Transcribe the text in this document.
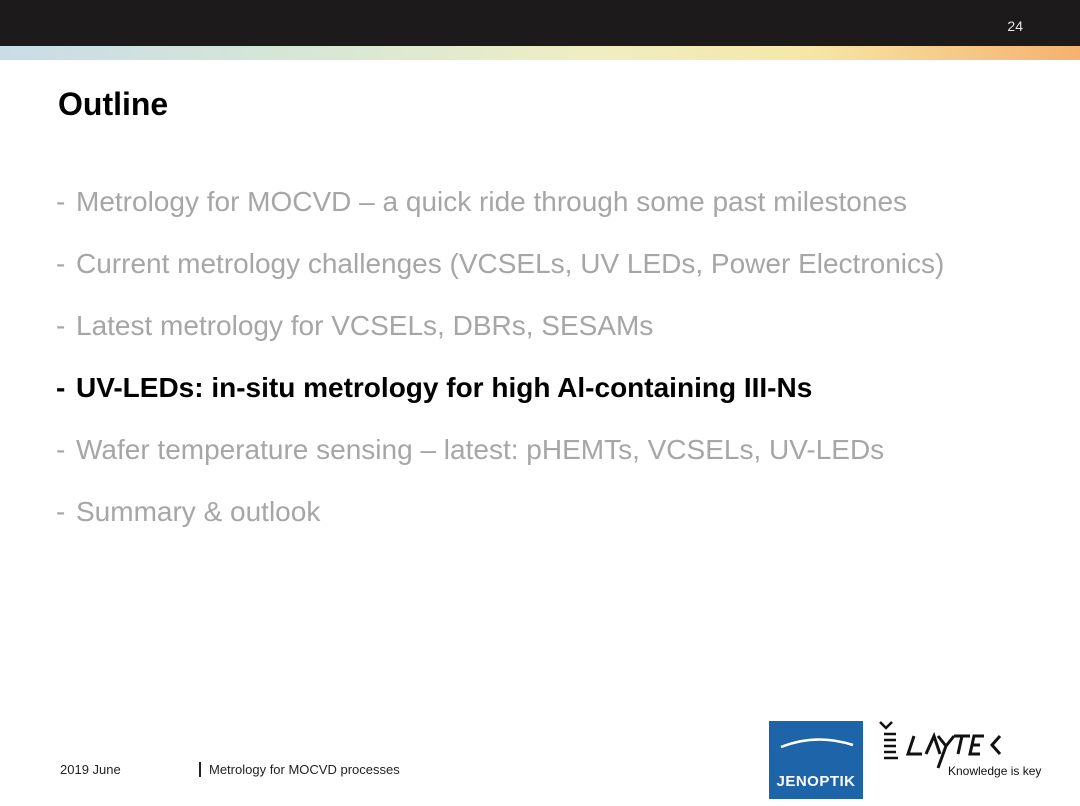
24
Outline
- Metrology for MOCVD – a quick ride through some past milestones
- Current metrology challenges (VCSELs, UV LEDs, Power Electronics)
- Latest metrology for VCSELs, DBRs, SESAMs
- UV-LEDs: in-situ metrology for high Al-containing III-Ns
- Wafer temperature sensing – latest: pHEMTs, VCSELs, UV-LEDs
- Summary & outlook
2019 June	Metrology for MOCVD processes
JENOPTIK
Knowledge is key
